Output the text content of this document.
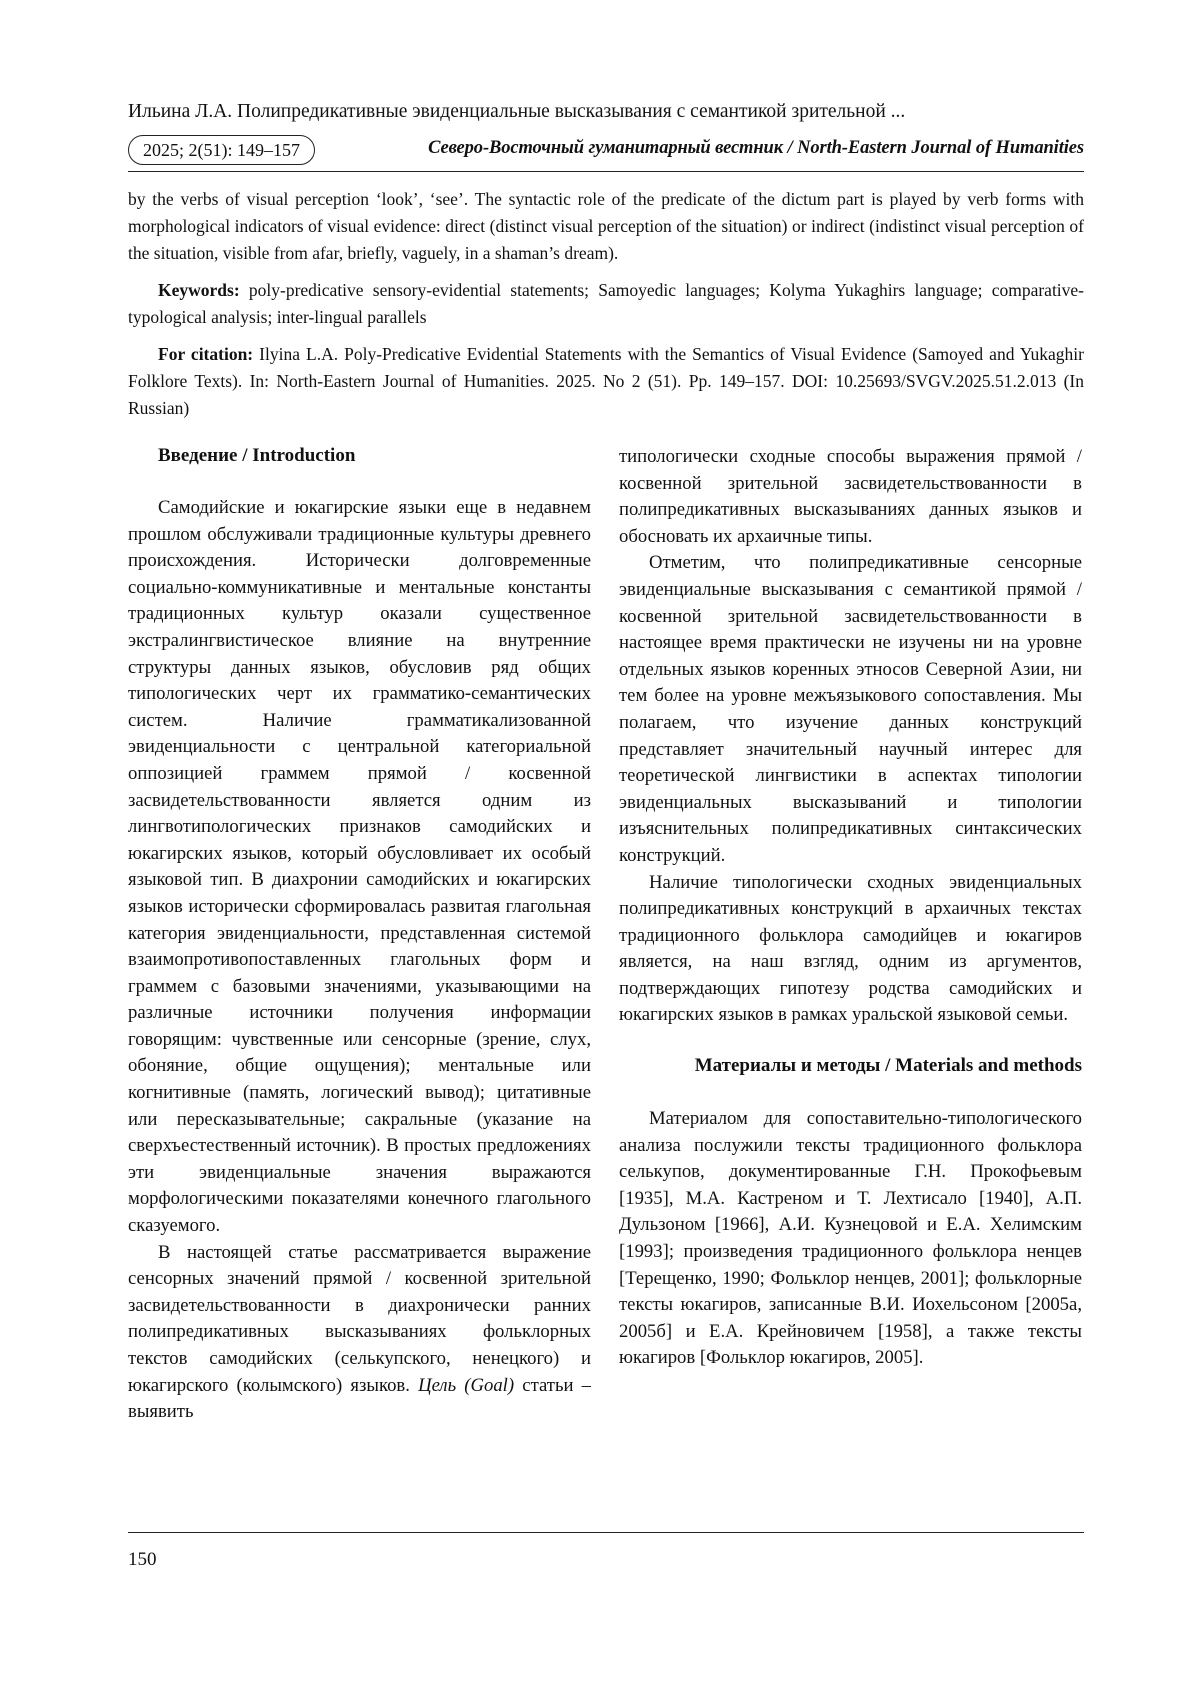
Ильина Л.А. Полипредикативные эвиденциальные высказывания с семантикой зрительной ...
2025; 2(51): 149–157	Северо-Восточный гуманитарный вестник / North-Eastern Journal of Humanities

by the verbs of visual perception ‘look’, ‘see’. The syntactic role of the predicate of the dictum part is played by verb forms with morphological indicators of visual evidence: direct (distinct visual perception of the situation) or indirect (indistinct visual perception of the situation, visible from afar, briefly, vaguely, in a shaman’s dream).

Keywords: poly-predicative sensory-evidential statements; Samoyedic languages; Kolyma Yukaghirs language; comparative-typological analysis; inter-lingual parallels

For citation: Ilyina L.A. Poly-Predicative Evidential Statements with the Semantics of Visual Evidence (Samoyed and Yukaghir Folklore Texts). In: North-Eastern Journal of Humanities. 2025. No 2 (51). Pp. 149–157. DOI: 10.25693/SVGV.2025.51.2.013 (In Russian)

Введение / Introduction

Самодийские и юкагирские языки еще в недавнем прошлом обслуживали традиционные культуры древнего происхождения. Исторически долговременные социально-коммуникативные и ментальные константы традиционных культур оказали существенное экстралингвистическое влияние на внутренние структуры данных языков, обусловив ряд общих типологических черт их грамматико-семантических систем. Наличие грамматикализованной эвиденциальности с центральной категориальной оппозицией граммем прямой / косвенной засвидетельствованности является одним из лингвотипологических признаков самодийских и юкагирских языков, который обусловливает их особый языковой тип. В диахронии самодийских и юкагирских языков исторически сформировалась развитая глагольная категория эвиденциальности, представленная системой взаимопротивопоставленных глагольных форм и граммем с базовыми значениями, указывающими на различные источники получения информации говорящим: чувственные или сенсорные (зрение, слух, обоняние, общие ощущения); ментальные или когнитивные (память, логический вывод); цитативные или пересказывательные; сакральные (указание на сверхъестественный источник). В простых предложениях эти эвиденциальные значения выражаются морфологическими показателями конечного глагольного сказуемого.

В настоящей статье рассматривается выражение сенсорных значений прямой / косвенной зрительной засвидетельствованности в диахронически ранних полипредикативных высказываниях фольклорных текстов самодийских (селькупского, ненецкого) и юкагирского (колымского) языков. Цель (Goal) статьи – выявить

типологически сходные способы выражения прямой / косвенной зрительной засвидетельствованности в полипредикативных высказываниях данных языков и обосновать их архаичные типы.

Отметим, что полипредикативные сенсорные эвиденциальные высказывания с семантикой прямой / косвенной зрительной засвидетельствованности в настоящее время практически не изучены ни на уровне отдельных языков коренных этносов Северной Азии, ни тем более на уровне межъязыкового сопоставления. Мы полагаем, что изучение данных конструкций представляет значительный научный интерес для теоретической лингвистики в аспектах типологии эвиденциальных высказываний и типологии изъяснительных полипредикативных синтаксических конструкций.

Наличие типологически сходных эвиденциальных полипредикативных конструкций в архаичных текстах традиционного фольклора самодийцев и юкагиров является, на наш взгляд, одним из аргументов, подтверждающих гипотезу родства самодийских и юкагирских языков в рамках уральской языковой семьи.

Материалы и методы / Materials and methods

Материалом для сопоставительно-типологического анализа послужили тексты традиционного фольклора селькупов, документированные Г.Н. Прокофьевым [1935], М.А. Кастреном и Т. Лехтисало [1940], А.П. Дульзоном [1966], А.И. Кузнецовой и Е.А. Хелимским [1993]; произведения традиционного фольклора ненцев [Терещенко, 1990; Фольклор ненцев, 2001]; фольклорные тексты юкагиров, записанные В.И. Иохельсоном [2005а, 2005б] и Е.А. Крейновичем [1958], а также тексты юкагиров [Фольклор юкагиров, 2005].

150
